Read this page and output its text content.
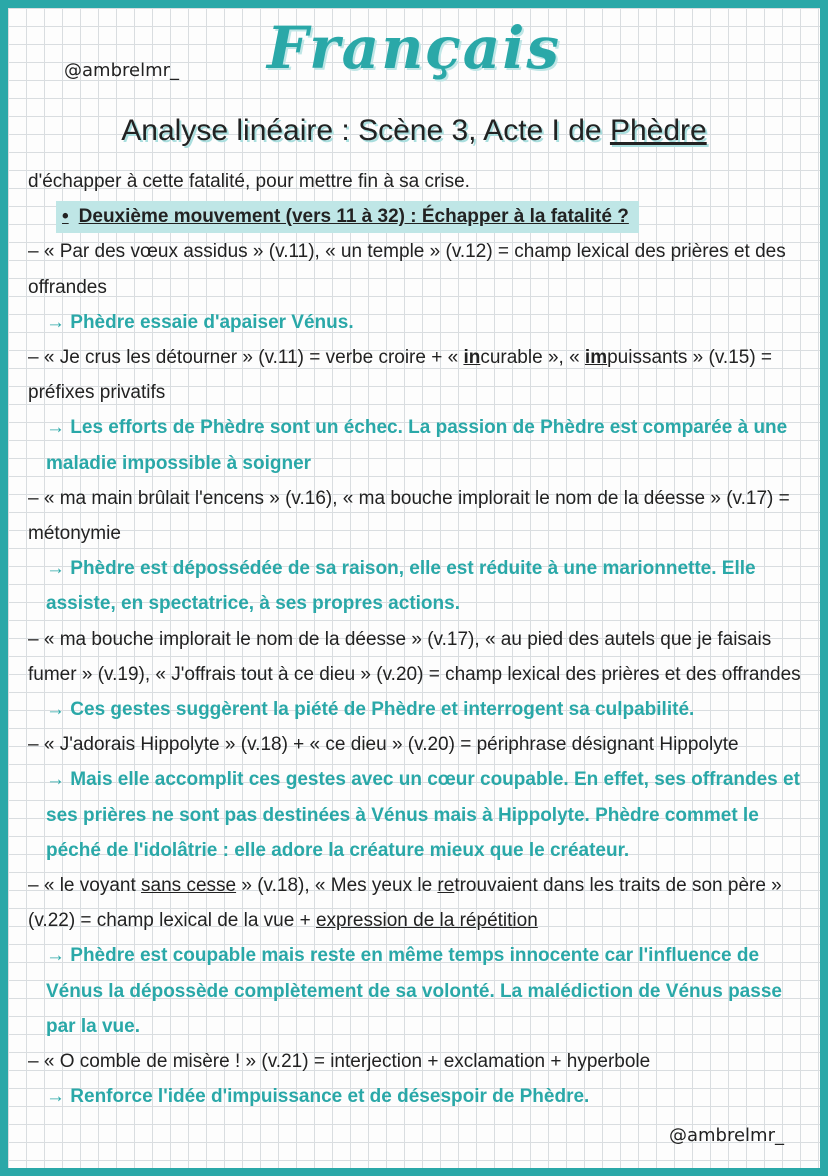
@ambrelmr_	Français
Analyse linéaire : Scène 3, Acte I de Phèdre

d'échapper à cette fatalité, pour mettre fin à sa crise.

• Deuxième mouvement (vers 11 à 32) : Échapper à la fatalité ?

– « Par des vœux assidus » (v.11), « un temple » (v.12) = champ lexical des prières et des offrandes

→ Phèdre essaie d'apaiser Vénus.

– « Je crus les détourner » (v.11) = verbe croire + « incurable », « impuissants » (v.15) = préfixes privatifs

→ Les efforts de Phèdre sont un échec. La passion de Phèdre est comparée à une maladie impossible à soigner

– « ma main brûlait l'encens » (v.16), « ma bouche implorait le nom de la déesse » (v.17) = métonymie

→ Phèdre est dépossédée de sa raison, elle est réduite à une marionnette. Elle assiste, en spectatrice, à ses propres actions.

– « ma bouche implorait le nom de la déesse » (v.17), « au pied des autels que je faisais fumer » (v.19), « J'offrais tout à ce dieu » (v.20) = champ lexical des prières et des offrandes

→ Ces gestes suggèrent la piété de Phèdre et interrogent sa culpabilité.

– « J'adorais Hippolyte » (v.18) + « ce dieu » (v.20) = périphrase désignant Hippolyte

→ Mais elle accomplit ces gestes avec un cœur coupable. En effet, ses offrandes et ses prières ne sont pas destinées à Vénus mais à Hippolyte. Phèdre commet le péché de l'idolâtrie : elle adore la créature mieux que le créateur.

– « le voyant sans cesse » (v.18), « Mes yeux le retrouvaient dans les traits de son père » (v.22) = champ lexical de la vue + expression de la répétition

→ Phèdre est coupable mais reste en même temps innocente car l'influence de Vénus la dépossède complètement de sa volonté. La malédiction de Vénus passe par la vue.

– « O comble de misère ! » (v.21) = interjection + exclamation + hyperbole

→ Renforce l'idée d'impuissance et de désespoir de Phèdre.

@ambrelmr_
